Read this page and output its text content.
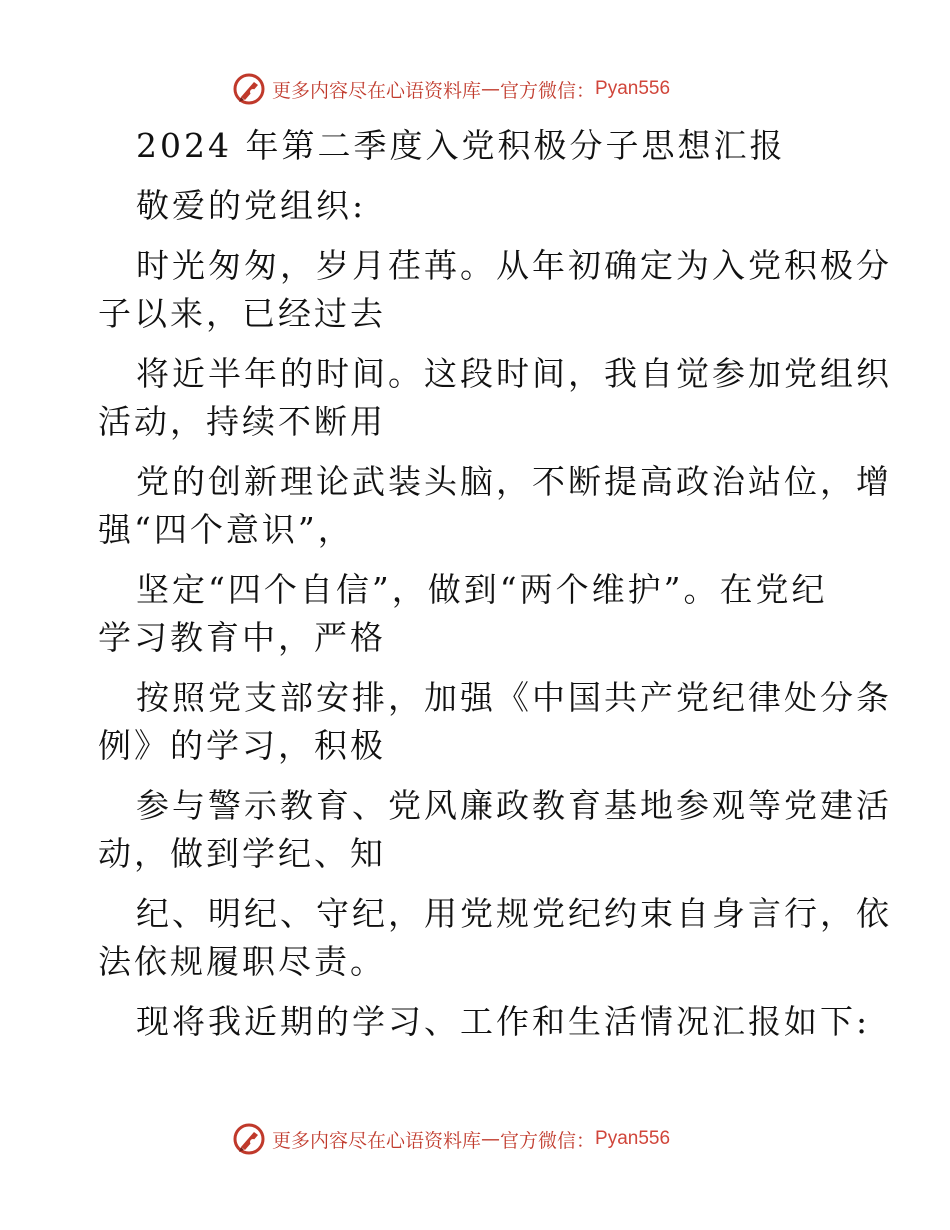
更多内容尽在心语资料库 — 官方微信： Pyan556
2024 年第二季度入党积极分子思想汇报
敬爱的党组织:
时光匆匆，岁月荏苒。从年初确定为入党积极分
子以来，已经过去
将近半年的时间。这段时间，我自觉参加党组织
活动，持续不断用
党的创新理论武装头脑，不断提高政治站位，增
强“四个意识”，
坚定“四个自信”，做到“两个维护”。在党纪
学习教育中，严格
按照党支部安排，加强《中国共产党纪律处分条
例》的学习，积极
参与警示教育、党风廉政教育基地参观等党建活
动，做到学纪、知
纪、明纪、守纪，用党规党纪约束自身言行，依
法依规履职尽责。
现将我近期的学习、工作和生活情况汇报如下:
更多内容尽在心语资料库 — 官方微信： Pyan556
